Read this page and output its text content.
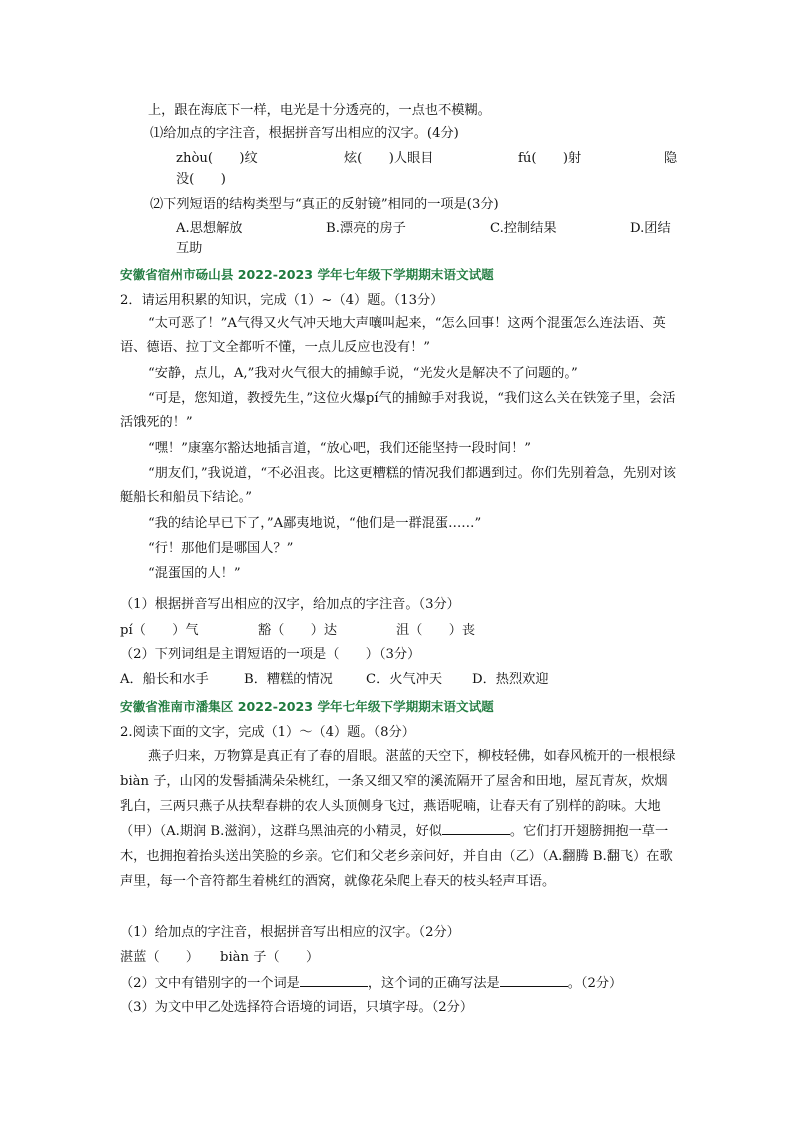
上，跟在海底下一样，电光是十分透亮的，一点也不模糊。
⑴给加点的字注音，根据拼音写出相应的汉字。(4分)
zhòu(　　)纹	炫(　　)人眼目	fú(　　)射	隐
没(　　)
⑵下列短语的结构类型与“真正的反射镜”相同的一项是(3分)
A.思想解放	B.漂亮的房子	C.控制结果	D.团结
互助
安徽省宿州市砀山县 2022-2023 学年七年级下学期期末语文试题
2．请运用积累的知识，完成（1）~（4）题。（13分）
“太可恶了！”A气得又火气冲天地大声嚷叫起来，“怎么回事！这两个混蛋怎么连法语、英语、德语、拉丁文全都听不懂，一点儿反应也没有！”
“安静，点儿，A,”我对火气很大的捕鲸手说，“光发火是解决不了问题的。”
“可是，您知道，教授先生，”这位火爆pí气的捕鲸手对我说，“我们这么关在铁笼子里，会活活饿死的！”
“嘿！”康塞尔豁达地插言道，“放心吧，我们还能坚持一段时间！”
“朋友们，”我说道，“不必沮丧。比这更糟糕的情况我们都遇到过。你们先别着急，先别对该艇船长和船员下结论。”
“我的结论早已下了，”A鄙夷地说，“他们是一群混蛋……”
“行！那他们是哪国人？”
“混蛋国的人！”
（1）根据拼音写出相应的汉字，给加点的字注音。（3分）
pí（　　）气	豁（　　）达	沮（　　）丧
（2）下列词组是主谓短语的一项是（　　）（3分）
A．船长和水手	B．糟糕的情况	C．火气冲天 D．热烈欢迎
安徽省淮南市潘集区 2022-2023 学年七年级下学期期末语文试题
2.阅读下面的文字，完成（1）～（4）题。（8分）
燕子归来，万物算是真正有了春的眉眼。湛蓝的天空下，柳枝轻佛，如春风梳开的一根根绿 biàn 子，山冈的发髻插满朵朵桃红，一条又细又窄的溪流隔开了屋舍和田地，屋瓦青灰，炊烟乳白，三两只燕子从扶犁春耕的农人头顶侧身飞过，燕语呢喃，让春天有了别样的韵味。大地（甲）（A.期润 B.滋润），这群乌黑油亮的小精灵，好似	。它们打开翅膀拥抱一草一木，也拥抱着抬头送出笑脸的乡亲。它们和父老乡亲问好，并自由（乙）（A.翻腾 B.翻飞）在歌声里，每一个音符都生着桃红的酒窝，就像花朵爬上春天的枝头轻声耳语。
（1）给加点的字注音，根据拼音写出相应的汉字。（2分）
湛蓝（　　） biàn 子（　　）
（2）文中有错别字的一个词是	，这个词的正确写法是	。（2分）
（3）为文中甲乙处选择符合语境的词语，只填字母。（2分）
